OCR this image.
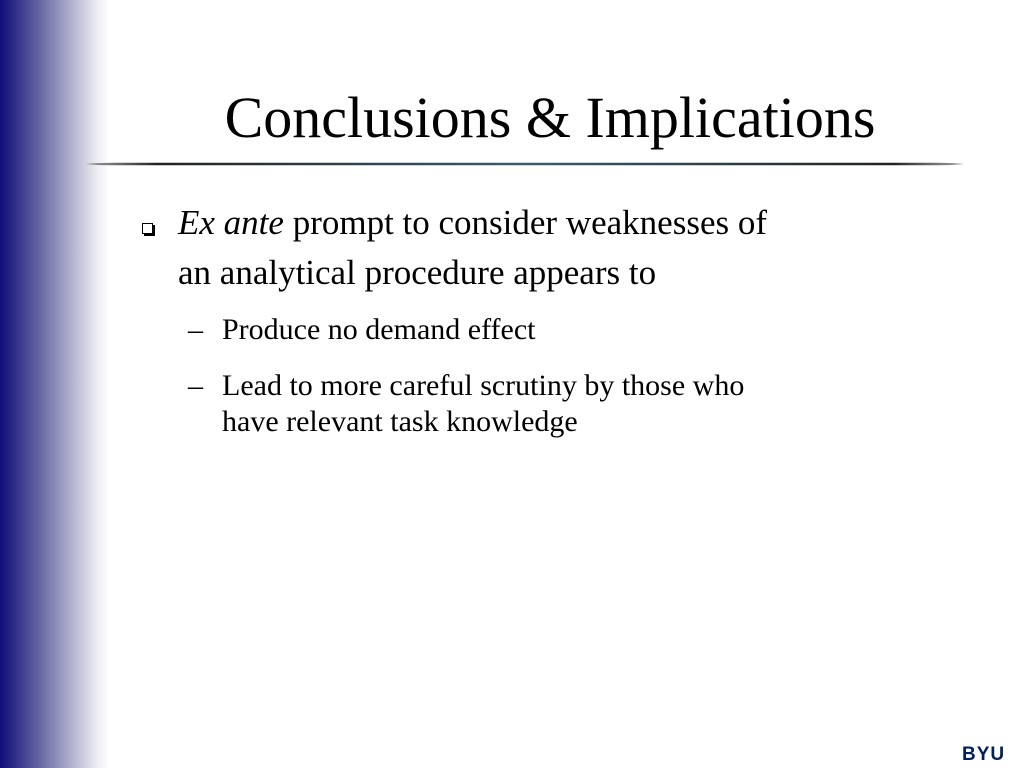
Conclusions & Implications
Ex ante prompt to consider weaknesses of
an analytical procedure appears to
– Produce no demand effect
– Lead to more careful scrutiny by those who
have relevant task knowledge
BYU
